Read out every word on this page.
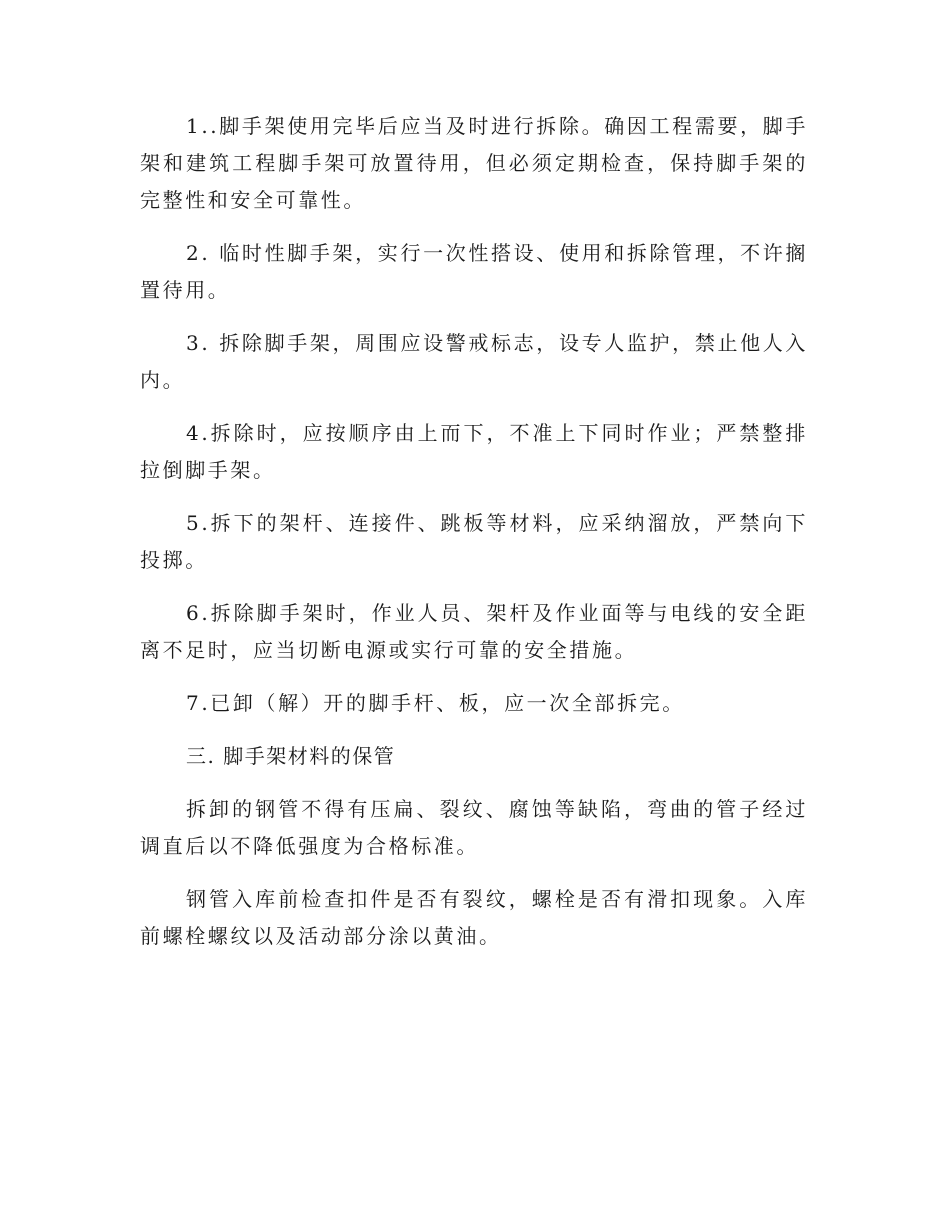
1..脚手架使用完毕后应当及时进行拆除。确因工程需要，脚手架和建筑工程脚手架可放置待用，但必须定期检查，保持脚手架的完整性和安全可靠性。

2. 临时性脚手架，实行一次性搭设、使用和拆除管理，不许搁置待用。

3. 拆除脚手架，周围应设警戒标志，设专人监护，禁止他人入内。

4.拆除时，应按顺序由上而下，不准上下同时作业；严禁整排拉倒脚手架。

5.拆下的架杆、连接件、跳板等材料，应采纳溜放，严禁向下投掷。

6.拆除脚手架时，作业人员、架杆及作业面等与电线的安全距离不足时，应当切断电源或实行可靠的安全措施。

7.已卸（解）开的脚手杆、板，应一次全部拆完。

三. 脚手架材料的保管

拆卸的钢管不得有压扁、裂纹、腐蚀等缺陷，弯曲的管子经过调直后以不降低强度为合格标准。

钢管入库前检查扣件是否有裂纹，螺栓是否有滑扣现象。入库前螺栓螺纹以及活动部分涂以黄油。
